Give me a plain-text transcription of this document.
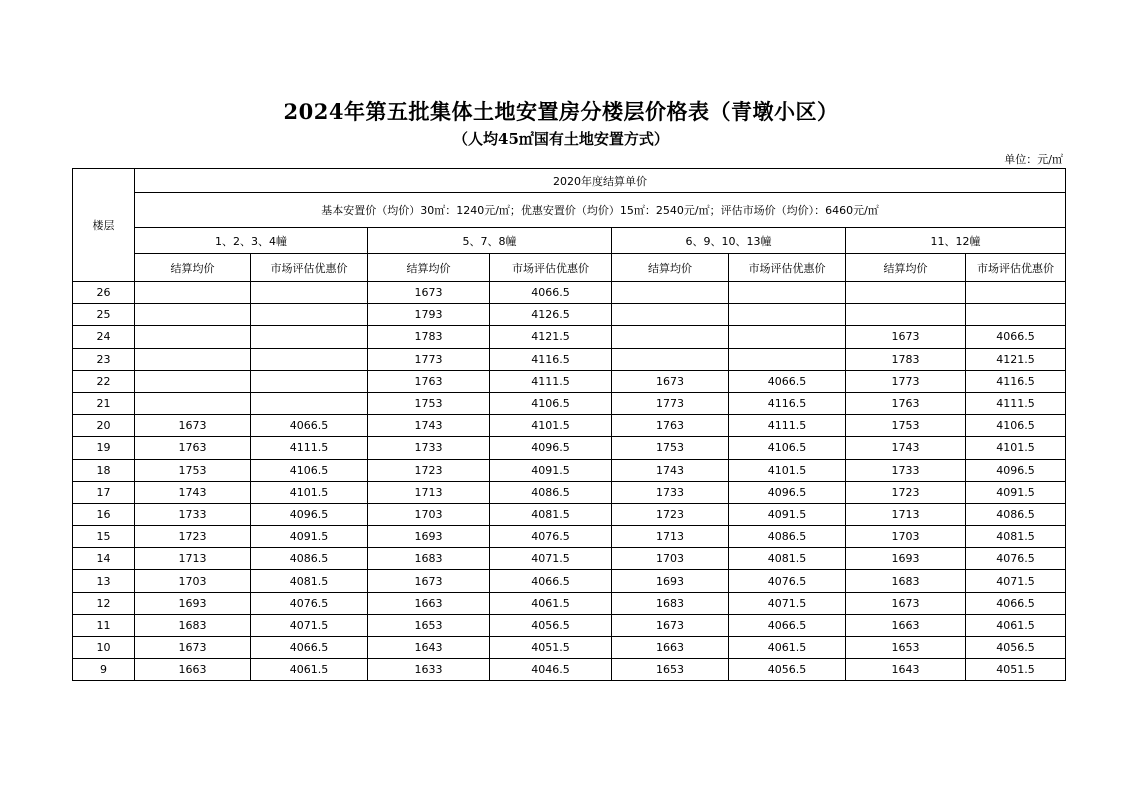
2024年第五批集体土地安置房分楼层价格表（青墩小区）
（人均45㎡国有土地安置方式）
单位：元/㎡
楼层	2020年度结算单价							
	基本安置价（均价）30㎡：1240元/㎡；优惠安置价（均价）15㎡：2540元/㎡；评估市场价（均价）：6460元/㎡							
	1、2、3、4幢		5、7、8幢		6、9、10、13幢		11、12幢	
	结算均价	市场评估优惠价	结算均价	市场评估优惠价	结算均价	市场评估优惠价	结算均价	市场评估优惠价
26			1673	4066.5				
25			1793	4126.5				
24			1783	4121.5			1673	4066.5
23			1773	4116.5			1783	4121.5
22			1763	4111.5	1673	4066.5	1773	4116.5
21			1753	4106.5	1773	4116.5	1763	4111.5
20	1673	4066.5	1743	4101.5	1763	4111.5	1753	4106.5
19	1763	4111.5	1733	4096.5	1753	4106.5	1743	4101.5
18	1753	4106.5	1723	4091.5	1743	4101.5	1733	4096.5
17	1743	4101.5	1713	4086.5	1733	4096.5	1723	4091.5
16	1733	4096.5	1703	4081.5	1723	4091.5	1713	4086.5
15	1723	4091.5	1693	4076.5	1713	4086.5	1703	4081.5
14	1713	4086.5	1683	4071.5	1703	4081.5	1693	4076.5
13	1703	4081.5	1673	4066.5	1693	4076.5	1683	4071.5
12	1693	4076.5	1663	4061.5	1683	4071.5	1673	4066.5
11	1683	4071.5	1653	4056.5	1673	4066.5	1663	4061.5
10	1673	4066.5	1643	4051.5	1663	4061.5	1653	4056.5
9	1663	4061.5	1633	4046.5	1653	4056.5	1643	4051.5
